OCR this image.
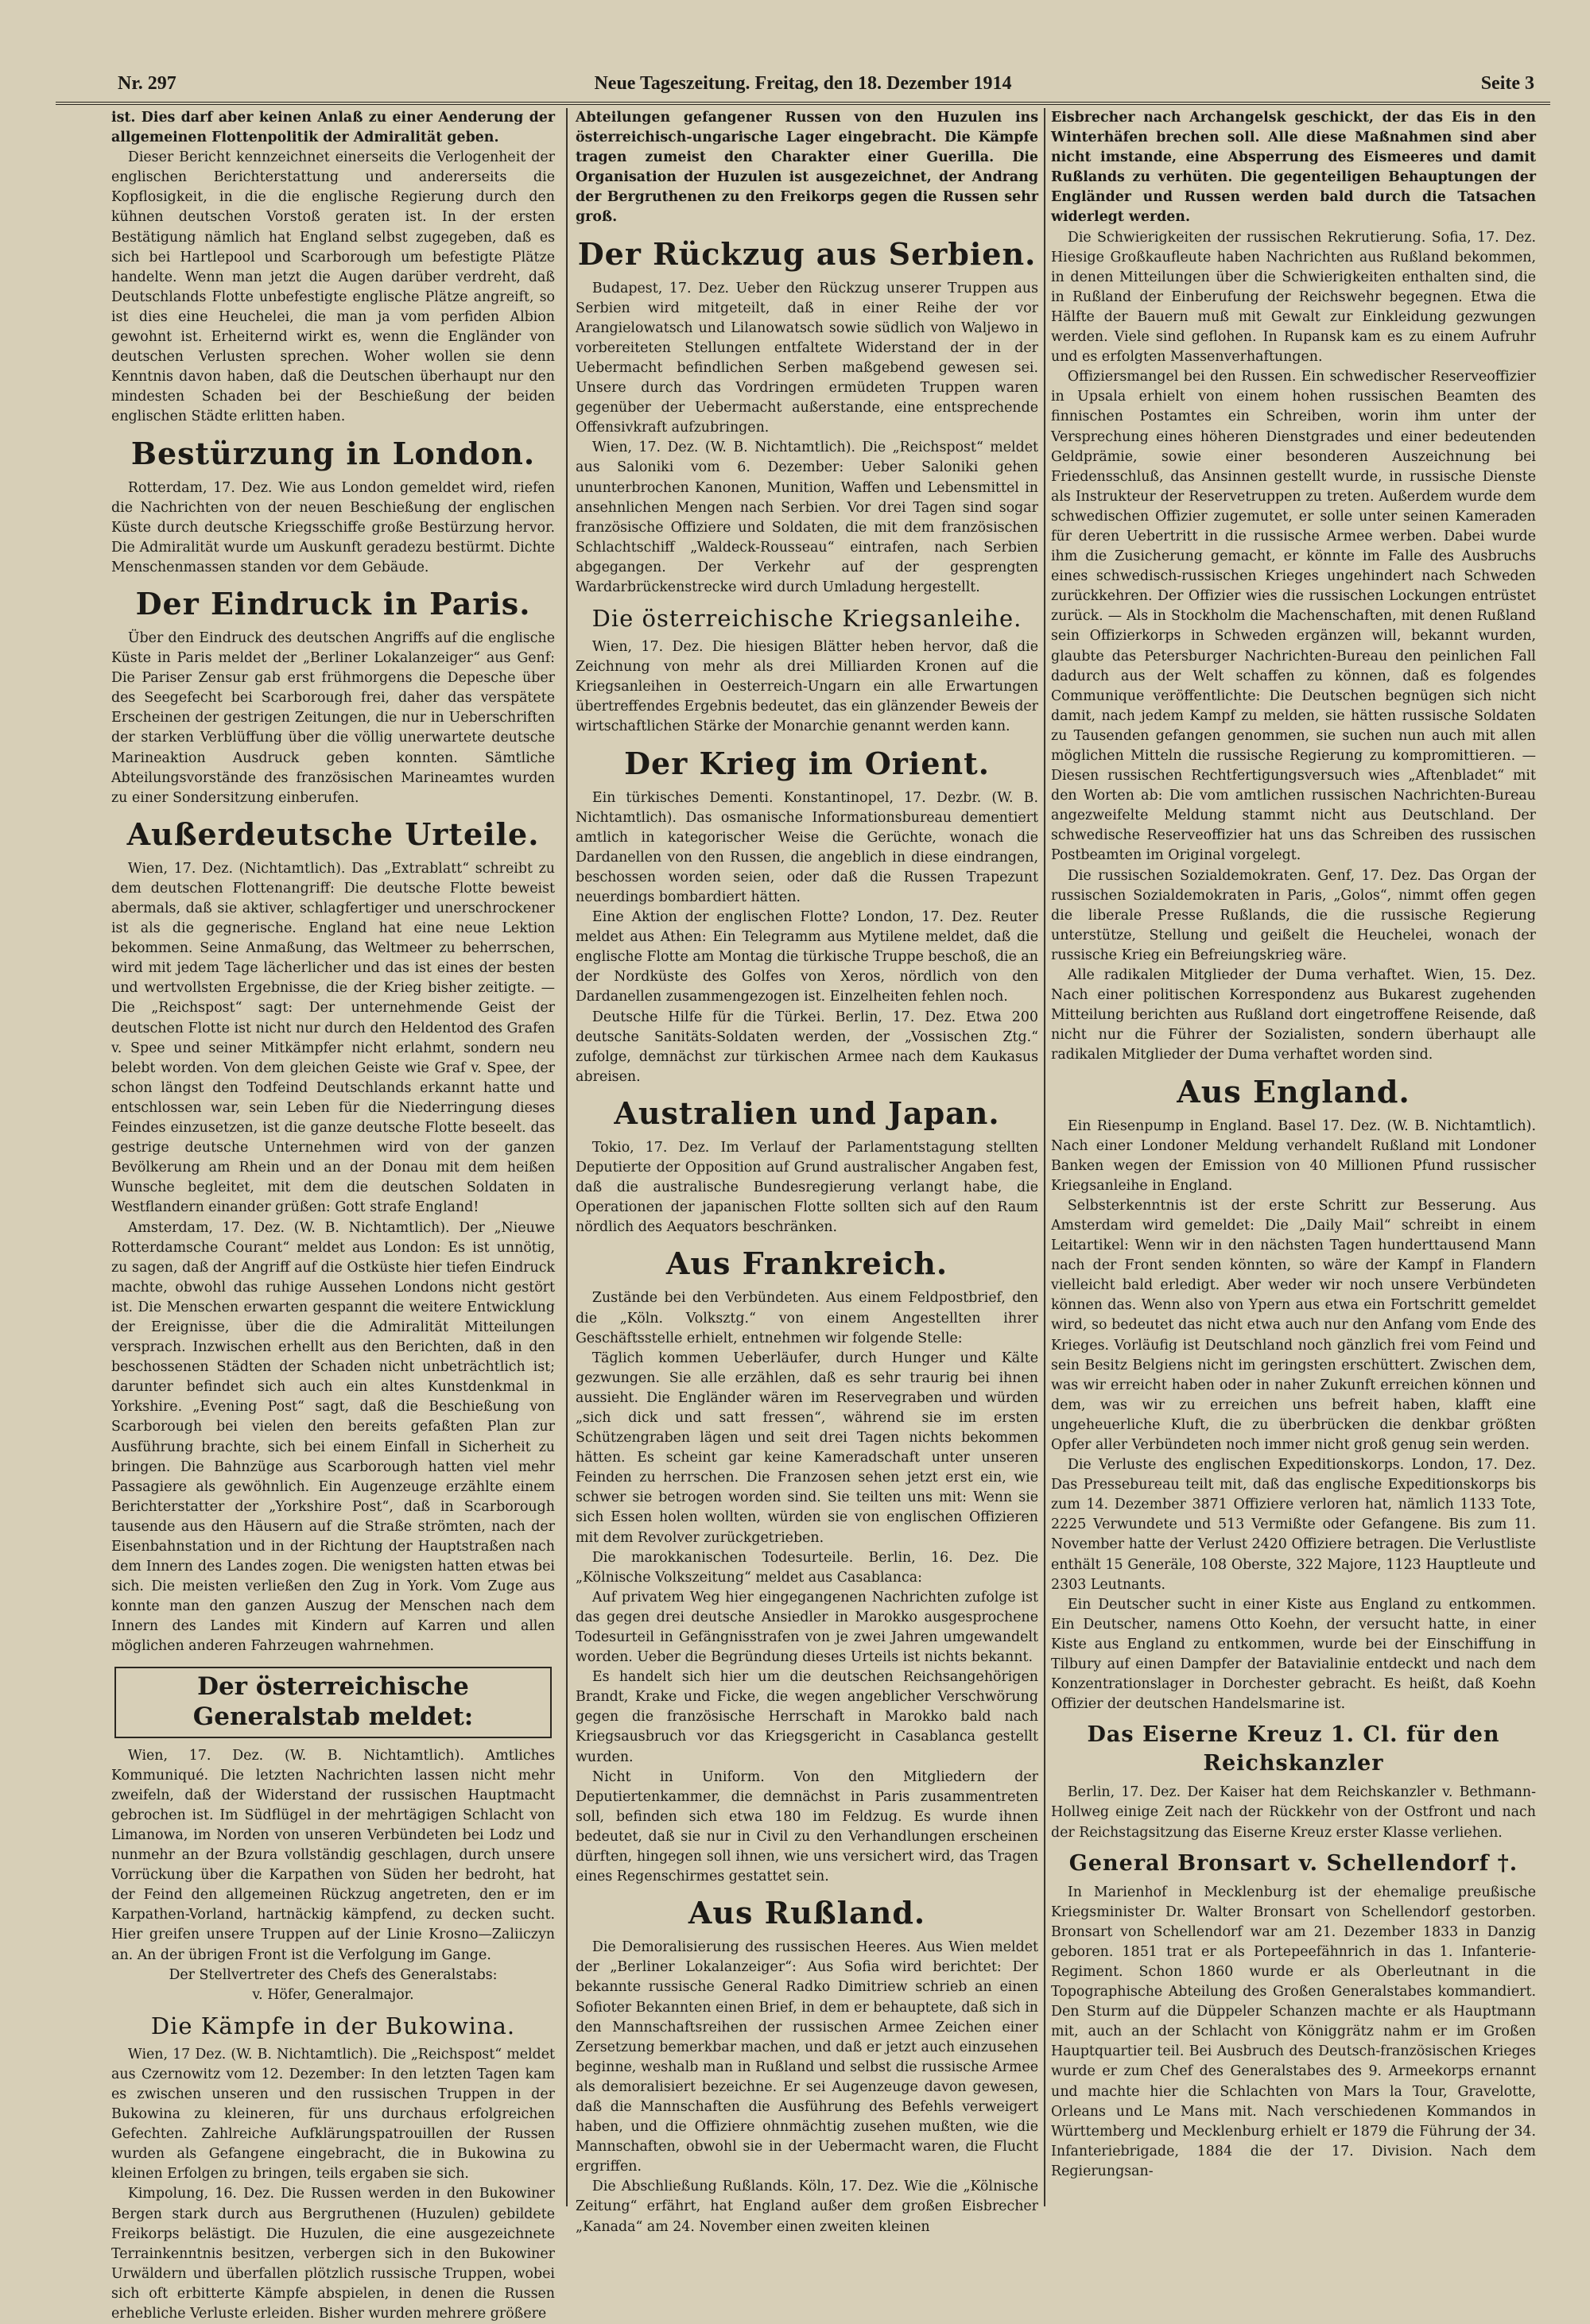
Nr. 297	Neue Tageszeitung. Freitag, den 18. Dezember 1914	Seite 3

ist. Dies darf aber keinen Anlaß zu einer Aenderung der allgemeinen Flottenpolitik der Admiralität geben.

Dieser Bericht kennzeichnet einerseits die Verlogenheit der englischen Berichterstattung und andererseits die Kopflosigkeit, in die die englische Regierung durch den kühnen deutschen Vorstoß geraten ist. In der ersten Bestätigung nämlich hat England selbst zugegeben, daß es sich bei Hartlepool und Scarborough um befestigte Plätze handelte. Wenn man jetzt die Augen darüber verdreht, daß Deutschlands Flotte unbefestigte englische Plätze angreift, so ist dies eine Heuchelei, die man ja vom perfiden Albion gewohnt ist. Erheiternd wirkt es, wenn die Engländer von deutschen Verlusten sprechen. Woher wollen sie denn Kenntnis davon haben, daß die Deutschen überhaupt nur den mindesten Schaden bei der Beschießung der beiden englischen Städte erlitten haben.

Bestürzung in London.

Rotterdam, 17. Dez. Wie aus London gemeldet wird, riefen die Nachrichten von der neuen Beschießung der englischen Küste durch deutsche Kriegsschiffe große Bestürzung hervor. Die Admiralität wurde um Auskunft geradezu bestürmt. Dichte Menschenmassen standen vor dem Gebäude.

Der Eindruck in Paris.

Über den Eindruck des deutschen Angriffs auf die englische Küste in Paris meldet der „Berliner Lokalanzeiger“ aus Genf: Die Pariser Zensur gab erst frühmorgens die Depesche über des Seegefecht bei Scarborough frei, daher das verspätete Erscheinen der gestrigen Zeitungen, die nur in Ueberschriften der starken Verblüffung über die völlig unerwartete deutsche Marineaktion Ausdruck geben konnten. Sämtliche Abteilungsvorstände des französischen Marineamtes wurden zu einer Sondersitzung einberufen.

Außerdeutsche Urteile.

Wien, 17. Dez. (Nichtamtlich). Das „Extrablatt“ schreibt zu dem deutschen Flottenangriff: Die deutsche Flotte beweist abermals, daß sie aktiver, schlagfertiger und unerschrockener ist als die gegnerische. England hat eine neue Lektion bekommen. Seine Anmaßung, das Weltmeer zu beherrschen, wird mit jedem Tage lächerlicher und das ist eines der besten und wertvollsten Ergebnisse, die der Krieg bisher zeitigte. — Die „Reichspost“ sagt: Der unternehmende Geist der deutschen Flotte ist nicht nur durch den Heldentod des Grafen v. Spee und seiner Mitkämpfer nicht erlahmt, sondern neu belebt worden. Von dem gleichen Geiste wie Graf v. Spee, der schon längst den Todfeind Deutschlands erkannt hatte und entschlossen war, sein Leben für die Niederringung dieses Feindes einzusetzen, ist die ganze deutsche Flotte beseelt. das gestrige deutsche Unternehmen wird von der ganzen Bevölkerung am Rhein und an der Donau mit dem heißen Wunsche begleitet, mit dem die deutschen Soldaten in Westflandern einander grüßen: Gott strafe England!

Amsterdam, 17. Dez. (W. B. Nichtamtlich). Der „Nieuwe Rotterdamsche Courant“ meldet aus London: Es ist unnötig, zu sagen, daß der Angriff auf die Ostküste hier tiefen Eindruck machte, obwohl das ruhige Aussehen Londons nicht gestört ist. Die Menschen erwarten gespannt die weitere Entwicklung der Ereignisse, über die die Admiralität Mitteilungen versprach. Inzwischen erhellt aus den Berichten, daß in den beschossenen Städten der Schaden nicht unbeträchtlich ist; darunter befindet sich auch ein altes Kunstdenkmal in Yorkshire. „Evening Post“ sagt, daß die Beschießung von Scarborough bei vielen den bereits gefaßten Plan zur Ausführung brachte, sich bei einem Einfall in Sicherheit zu bringen. Die Bahnzüge aus Scarborough hatten viel mehr Passagiere als gewöhnlich. Ein Augenzeuge erzählte einem Berichterstatter der „Yorkshire Post“, daß in Scarborough tausende aus den Häusern auf die Straße strömten, nach der Eisenbahnstation und in der Richtung der Hauptstraßen nach dem Innern des Landes zogen. Die wenigsten hatten etwas bei sich. Die meisten verließen den Zug in York. Vom Zuge aus konnte man den ganzen Auszug der Menschen nach dem Innern des Landes mit Kindern auf Karren und allen möglichen anderen Fahrzeugen wahrnehmen.

Der österreichische Generalstab meldet:

Wien, 17. Dez. (W. B. Nichtamtlich). Amtliches Kommuniqué. Die letzten Nachrichten lassen nicht mehr zweifeln, daß der Widerstand der russischen Hauptmacht gebrochen ist. Im Südflügel in der mehrtägigen Schlacht von Limanowa, im Norden von unseren Verbündeten bei Lodz und nunmehr an der Bzura vollständig geschlagen, durch unsere Vorrückung über die Karpathen von Süden her bedroht, hat der Feind den allgemeinen Rückzug angetreten, den er im Karpathen-Vorland, hartnäckig kämpfend, zu decken sucht. Hier greifen unsere Truppen auf der Linie Krosno—Zaliiczyn an. An der übrigen Front ist die Verfolgung im Gange.

Der Stellvertreter des Chefs des Generalstabs:

v. Höfer, Generalmajor.

Die Kämpfe in der Bukowina.

Wien, 17 Dez. (W. B. Nichtamtlich). Die „Reichspost“ meldet aus Czernowitz vom 12. Dezember: In den letzten Tagen kam es zwischen unseren und den russischen Truppen in der Bukowina zu kleineren, für uns durchaus erfolgreichen Gefechten. Zahlreiche Aufklärungspatrouillen der Russen wurden als Gefangene eingebracht, die in Bukowina zu kleinen Erfolgen zu bringen, teils ergaben sie sich.

Kimpolung, 16. Dez. Die Russen werden in den Bukowiner Bergen stark durch aus Bergruthenen (Huzulen) gebildete Freikorps belästigt. Die Huzulen, die eine ausgezeichnete Terrainkenntnis besitzen, verbergen sich in den Bukowiner Urwäldern und überfallen plötzlich russische Truppen, wobei sich oft erbitterte Kämpfe abspielen, in denen die Russen erhebliche Verluste erleiden. Bisher wurden mehrere größere

Abteilungen gefangener Russen von den Huzulen ins österreichisch-ungarische Lager eingebracht. Die Kämpfe tragen zumeist den Charakter einer Guerilla. Die Organisation der Huzulen ist ausgezeichnet, der Andrang der Bergruthenen zu den Freikorps gegen die Russen sehr groß.

Der Rückzug aus Serbien.

Budapest, 17. Dez. Ueber den Rückzug unserer Truppen aus Serbien wird mitgeteilt, daß in einer Reihe der vor Arangielowatsch und Lilanowatsch sowie südlich von Waljewo in vorbereiteten Stellungen entfaltete Widerstand der in der Uebermacht befindlichen Serben maßgebend gewesen sei. Unsere durch das Vordringen ermüdeten Truppen waren gegenüber der Uebermacht außerstande, eine entsprechende Offensivkraft aufzubringen.

Wien, 17. Dez. (W. B. Nichtamtlich). Die „Reichspost“ meldet aus Saloniki vom 6. Dezember: Ueber Saloniki gehen ununterbrochen Kanonen, Munition, Waffen und Lebensmittel in ansehnlichen Mengen nach Serbien. Vor drei Tagen sind sogar französische Offiziere und Soldaten, die mit dem französischen Schlachtschiff „Waldeck-Rousseau“ eintrafen, nach Serbien abgegangen. Der Verkehr auf der gesprengten Wardarbrückenstrecke wird durch Umladung hergestellt.

Die österreichische Kriegsanleihe.

Wien, 17. Dez. Die hiesigen Blätter heben hervor, daß die Zeichnung von mehr als drei Milliarden Kronen auf die Kriegsanleihen in Oesterreich-Ungarn ein alle Erwartungen übertreffendes Ergebnis bedeutet, das ein glänzender Beweis der wirtschaftlichen Stärke der Monarchie genannt werden kann.

Der Krieg im Orient.

Ein türkisches Dementi. Konstantinopel, 17. Dezbr. (W. B. Nichtamtlich). Das osmanische Informationsbureau dementiert amtlich in kategorischer Weise die Gerüchte, wonach die Dardanellen von den Russen, die angeblich in diese eindrangen, beschossen worden seien, oder daß die Russen Trapezunt neuerdings bombardiert hätten.

Eine Aktion der englischen Flotte? London, 17. Dez. Reuter meldet aus Athen: Ein Telegramm aus Mytilene meldet, daß die englische Flotte am Montag die türkische Truppe beschoß, die an der Nordküste des Golfes von Xeros, nördlich von den Dardanellen zusammengezogen ist. Einzelheiten fehlen noch.

Deutsche Hilfe für die Türkei. Berlin, 17. Dez. Etwa 200 deutsche Sanitäts-Soldaten werden, der „Vossischen Ztg.“ zufolge, demnächst zur türkischen Armee nach dem Kaukasus abreisen.

Australien und Japan.

Tokio, 17. Dez. Im Verlauf der Parlamentstagung stellten Deputierte der Opposition auf Grund australischer Angaben fest, daß die australische Bundesregierung verlangt habe, die Operationen der japanischen Flotte sollten sich auf den Raum nördlich des Aequators beschränken.

Aus Frankreich.

Zustände bei den Verbündeten. Aus einem Feldpostbrief, den die „Köln. Volksztg.“ von einem Angestellten ihrer Geschäftsstelle erhielt, entnehmen wir folgende Stelle:

Täglich kommen Ueberläufer, durch Hunger und Kälte gezwungen. Sie alle erzählen, daß es sehr traurig bei ihnen aussieht. Die Engländer wären im Reservegraben und würden „sich dick und satt fressen“, während sie im ersten Schützengraben lägen und seit drei Tagen nichts bekommen hätten. Es scheint gar keine Kameradschaft unter unseren Feinden zu herrschen. Die Franzosen sehen jetzt erst ein, wie schwer sie betrogen worden sind. Sie teilten uns mit: Wenn sie sich Essen holen wollten, würden sie von englischen Offizieren mit dem Revolver zurückgetrieben.

Die marokkanischen Todesurteile. Berlin, 16. Dez. Die „Kölnische Volkszeitung“ meldet aus Casablanca:

Auf privatem Weg hier eingegangenen Nachrichten zufolge ist das gegen drei deutsche Ansiedler in Marokko ausgesprochene Todesurteil in Gefängnisstrafen von je zwei Jahren umgewandelt worden. Ueber die Begründung dieses Urteils ist nichts bekannt.

Es handelt sich hier um die deutschen Reichsangehörigen Brandt, Krake und Ficke, die wegen angeblicher Verschwörung gegen die französische Herrschaft in Marokko bald nach Kriegsausbruch vor das Kriegsgericht in Casablanca gestellt wurden.

Nicht in Uniform. Von den Mitgliedern der Deputiertenkammer, die demnächst in Paris zusammentreten soll, befinden sich etwa 180 im Feldzug. Es wurde ihnen bedeutet, daß sie nur in Civil zu den Verhandlungen erscheinen dürften, hingegen soll ihnen, wie uns versichert wird, das Tragen eines Regenschirmes gestattet sein.

Aus Rußland.

Die Demoralisierung des russischen Heeres. Aus Wien meldet der „Berliner Lokalanzeiger“: Aus Sofia wird berichtet: Der bekannte russische General Radko Dimitriew schrieb an einen Sofioter Bekannten einen Brief, in dem er behauptete, daß sich in den Mannschaftsreihen der russischen Armee Zeichen einer Zersetzung bemerkbar machen, und daß er jetzt auch einzusehen beginne, weshalb man in Rußland und selbst die russische Armee als demoralisiert bezeichne. Er sei Augenzeuge davon gewesen, daß die Mannschaften die Ausführung des Befehls verweigert haben, und die Offiziere ohnmächtig zusehen mußten, wie die Mannschaften, obwohl sie in der Uebermacht waren, die Flucht ergriffen.

Die Abschließung Rußlands. Köln, 17. Dez. Wie die „Kölnische Zeitung“ erfährt, hat England außer dem großen Eisbrecher „Kanada“ am 24. November einen zweiten kleinen

Eisbrecher nach Archangelsk geschickt, der das Eis in den Winterhäfen brechen soll. Alle diese Maßnahmen sind aber nicht imstande, eine Absperrung des Eismeeres und damit Rußlands zu verhüten. Die gegenteiligen Behauptungen der Engländer und Russen werden bald durch die Tatsachen widerlegt werden.

Die Schwierigkeiten der russischen Rekrutierung. Sofia, 17. Dez. Hiesige Großkaufleute haben Nachrichten aus Rußland bekommen, in denen Mitteilungen über die Schwierigkeiten enthalten sind, die in Rußland der Einberufung der Reichswehr begegnen. Etwa die Hälfte der Bauern muß mit Gewalt zur Einkleidung gezwungen werden. Viele sind geflohen. In Rupansk kam es zu einem Aufruhr und es erfolgten Massenverhaftungen.

Offiziersmangel bei den Russen. Ein schwedischer Reserveoffizier in Upsala erhielt von einem hohen russischen Beamten des finnischen Postamtes ein Schreiben, worin ihm unter der Versprechung eines höheren Dienstgrades und einer bedeutenden Geldprämie, sowie einer besonderen Auszeichnung bei Friedensschluß, das Ansinnen gestellt wurde, in russische Dienste als Instrukteur der Reservetruppen zu treten. Außerdem wurde dem schwedischen Offizier zugemutet, er solle unter seinen Kameraden für deren Uebertritt in die russische Armee werben. Dabei wurde ihm die Zusicherung gemacht, er könnte im Falle des Ausbruchs eines schwedisch-russischen Krieges ungehindert nach Schweden zurückkehren. Der Offizier wies die russischen Lockungen entrüstet zurück. — Als in Stockholm die Machenschaften, mit denen Rußland sein Offizierkorps in Schweden ergänzen will, bekannt wurden, glaubte das Petersburger Nachrichten-Bureau den peinlichen Fall dadurch aus der Welt schaffen zu können, daß es folgendes Communique veröffentlichte: Die Deutschen begnügen sich nicht damit, nach jedem Kampf zu melden, sie hätten russische Soldaten zu Tausenden gefangen genommen, sie suchen nun auch mit allen möglichen Mitteln die russische Regierung zu kompromittieren. — Diesen russischen Rechtfertigungsversuch wies „Aftenbladet“ mit den Worten ab: Die vom amtlichen russischen Nachrichten-Bureau angezweifelte Meldung stammt nicht aus Deutschland. Der schwedische Reserveoffizier hat uns das Schreiben des russischen Postbeamten im Original vorgelegt.

Die russischen Sozialdemokraten. Genf, 17. Dez. Das Organ der russischen Sozialdemokraten in Paris, „Golos“, nimmt offen gegen die liberale Presse Rußlands, die die russische Regierung unterstütze, Stellung und geißelt die Heuchelei, wonach der russische Krieg ein Befreiungskrieg wäre.

Alle radikalen Mitglieder der Duma verhaftet. Wien, 15. Dez. Nach einer politischen Korrespondenz aus Bukarest zugehenden Mitteilung berichten aus Rußland dort eingetroffene Reisende, daß nicht nur die Führer der Sozialisten, sondern überhaupt alle radikalen Mitglieder der Duma verhaftet worden sind.

Aus England.

Ein Riesenpump in England. Basel 17. Dez. (W. B. Nichtamtlich). Nach einer Londoner Meldung verhandelt Rußland mit Londoner Banken wegen der Emission von 40 Millionen Pfund russischer Kriegsanleihe in England.

Selbsterkenntnis ist der erste Schritt zur Besserung. Aus Amsterdam wird gemeldet: Die „Daily Mail“ schreibt in einem Leitartikel: Wenn wir in den nächsten Tagen hunderttausend Mann nach der Front senden könnten, so wäre der Kampf in Flandern vielleicht bald erledigt. Aber weder wir noch unsere Verbündeten können das. Wenn also von Ypern aus etwa ein Fortschritt gemeldet wird, so bedeutet das nicht etwa auch nur den Anfang vom Ende des Krieges. Vorläufig ist Deutschland noch gänzlich frei vom Feind und sein Besitz Belgiens nicht im geringsten erschüttert. Zwischen dem, was wir erreicht haben oder in naher Zukunft erreichen können und dem, was wir zu erreichen uns befreit haben, klafft eine ungeheuerliche Kluft, die zu überbrücken die denkbar größten Opfer aller Verbündeten noch immer nicht groß genug sein werden.

Die Verluste des englischen Expeditionskorps. London, 17. Dez. Das Pressebureau teilt mit, daß das englische Expeditionskorps bis zum 14. Dezember 3871 Offiziere verloren hat, nämlich 1133 Tote, 2225 Verwundete und 513 Vermißte oder Gefangene. Bis zum 11. November hatte der Verlust 2420 Offiziere betragen. Die Verlustliste enthält 15 Generäle, 108 Oberste, 322 Majore, 1123 Hauptleute und 2303 Leutnants.

Ein Deutscher sucht in einer Kiste aus England zu entkommen. Ein Deutscher, namens Otto Koehn, der versucht hatte, in einer Kiste aus England zu entkommen, wurde bei der Einschiffung in Tilbury auf einen Dampfer der Batavialinie entdeckt und nach dem Konzentrationslager in Dorchester gebracht. Es heißt, daß Koehn Offizier der deutschen Handelsmarine ist.

Das Eiserne Kreuz 1. Cl. für den Reichskanzler

Berlin, 17. Dez. Der Kaiser hat dem Reichskanzler v. Bethmann-Hollweg einige Zeit nach der Rückkehr von der Ostfront und nach der Reichstagsitzung das Eiserne Kreuz erster Klasse verliehen.

General Bronsart v. Schellendorf †.

In Marienhof in Mecklenburg ist der ehemalige preußische Kriegsminister Dr. Walter Bronsart von Schellendorf gestorben. Bronsart von Schellendorf war am 21. Dezember 1833 in Danzig geboren. 1851 trat er als Portepeefähnrich in das 1. Infanterie-Regiment. Schon 1860 wurde er als Oberleutnant in die Topographische Abteilung des Großen Generalstabes kommandiert. Den Sturm auf die Düppeler Schanzen machte er als Hauptmann mit, auch an der Schlacht von Königgrätz nahm er im Großen Hauptquartier teil. Bei Ausbruch des Deutsch-französischen Krieges wurde er zum Chef des Generalstabes des 9. Armeekorps ernannt und machte hier die Schlachten von Mars la Tour, Gravelotte, Orleans und Le Mans mit. Nach verschiedenen Kommandos in Württemberg und Mecklenburg erhielt er 1879 die Führung der 34. Infanteriebrigade, 1884 die der 17. Division. Nach dem Regierungsan-
